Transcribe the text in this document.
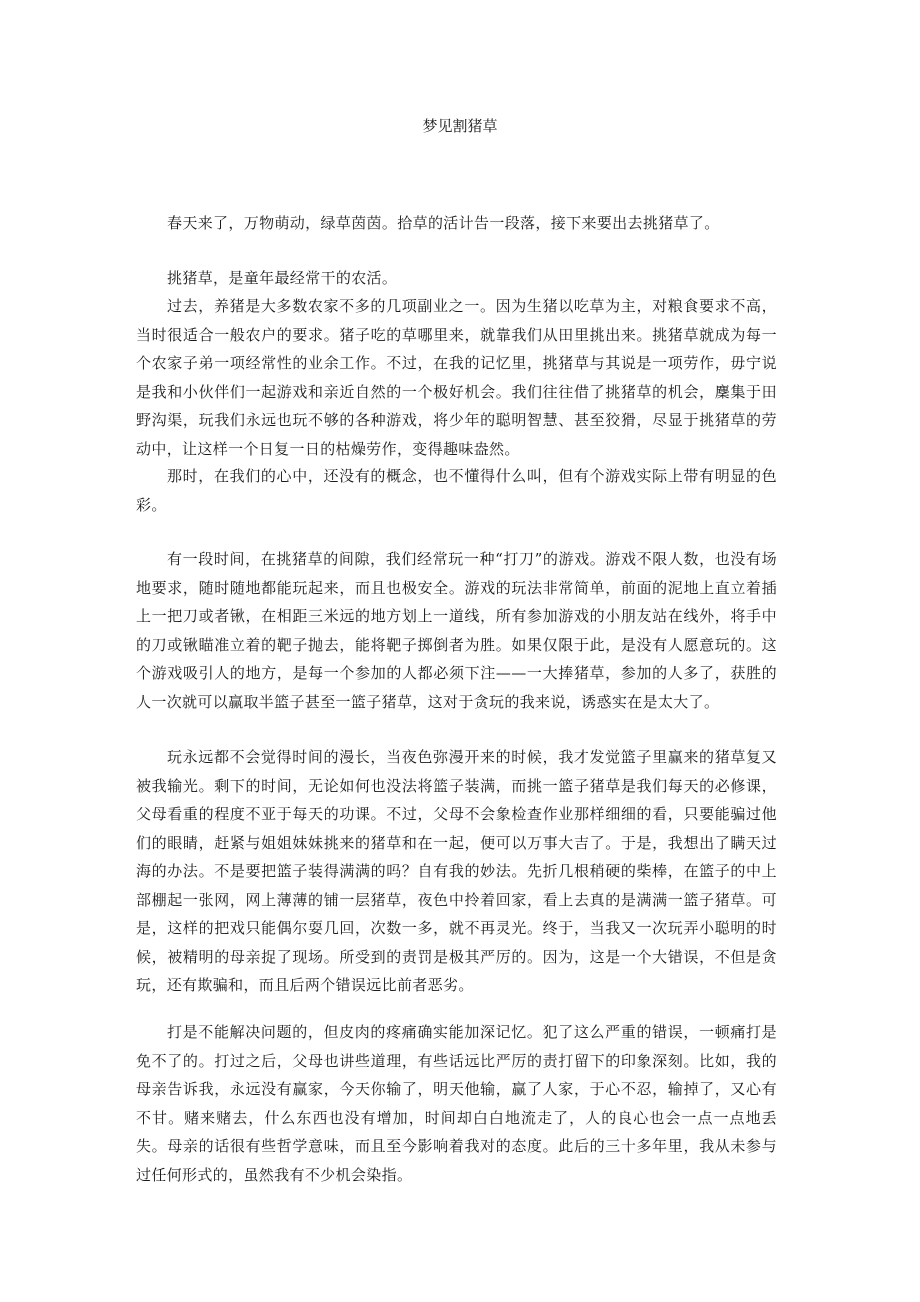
梦见割猪草

春天来了，万物萌动，绿草茵茵。拾草的活计告一段落，接下来要出去挑猪草了。

挑猪草，是童年最经常干的农活。

过去，养猪是大多数农家不多的几项副业之一。因为生猪以吃草为主，对粮食要求不高，当时很适合一般农户的要求。猪子吃的草哪里来，就靠我们从田里挑出来。挑猪草就成为每一个农家子弟一项经常性的业余工作。不过，在我的记忆里，挑猪草与其说是一项劳作，毋宁说是我和小伙伴们一起游戏和亲近自然的一个极好机会。我们往往借了挑猪草的机会，麇集于田野沟渠，玩我们永远也玩不够的各种游戏，将少年的聪明智慧、甚至狡猾，尽显于挑猪草的劳动中，让这样一个日复一日的枯燥劳作，变得趣味盎然。

那时，在我们的心中，还没有的概念，也不懂得什么叫，但有个游戏实际上带有明显的色彩。

有一段时间，在挑猪草的间隙，我们经常玩一种“打刀”的游戏。游戏不限人数，也没有场地要求，随时随地都能玩起来，而且也极安全。游戏的玩法非常简单，前面的泥地上直立着插上一把刀或者锹，在相距三米远的地方划上一道线，所有参加游戏的小朋友站在线外，将手中的刀或锹瞄准立着的靶子抛去，能将靶子掷倒者为胜。如果仅限于此，是没有人愿意玩的。这个游戏吸引人的地方，是每一个参加的人都必须下注——一大捧猪草，参加的人多了，获胜的人一次就可以赢取半篮子甚至一篮子猪草，这对于贪玩的我来说，诱惑实在是太大了。

玩永远都不会觉得时间的漫长，当夜色弥漫开来的时候，我才发觉篮子里赢来的猪草复又被我输光。剩下的时间，无论如何也没法将篮子装满，而挑一篮子猪草是我们每天的必修课，父母看重的程度不亚于每天的功课。不过，父母不会象检查作业那样细细的看，只要能骗过他们的眼睛，赶紧与姐姐妹妹挑来的猪草和在一起，便可以万事大吉了。于是，我想出了瞒天过海的办法。不是要把篮子装得满满的吗？自有我的妙法。先折几根稍硬的柴棒，在篮子的中上部棚起一张网，网上薄薄的铺一层猪草，夜色中拎着回家，看上去真的是满满一篮子猪草。可是，这样的把戏只能偶尔耍几回，次数一多，就不再灵光。终于，当我又一次玩弄小聪明的时候，被精明的母亲捉了现场。所受到的责罚是极其严厉的。因为，这是一个大错误，不但是贪玩，还有欺骗和，而且后两个错误远比前者恶劣。

打是不能解决问题的，但皮肉的疼痛确实能加深记忆。犯了这么严重的错误，一顿痛打是免不了的。打过之后，父母也讲些道理，有些话远比严厉的责打留下的印象深刻。比如，我的母亲告诉我，永远没有赢家，今天你输了，明天他输，赢了人家，于心不忍，输掉了，又心有不甘。赌来赌去，什么东西也没有增加，时间却白白地流走了，人的良心也会一点一点地丢失。母亲的话很有些哲学意味，而且至今影响着我对的态度。此后的三十多年里，我从未参与过任何形式的，虽然我有不少机会染指。
